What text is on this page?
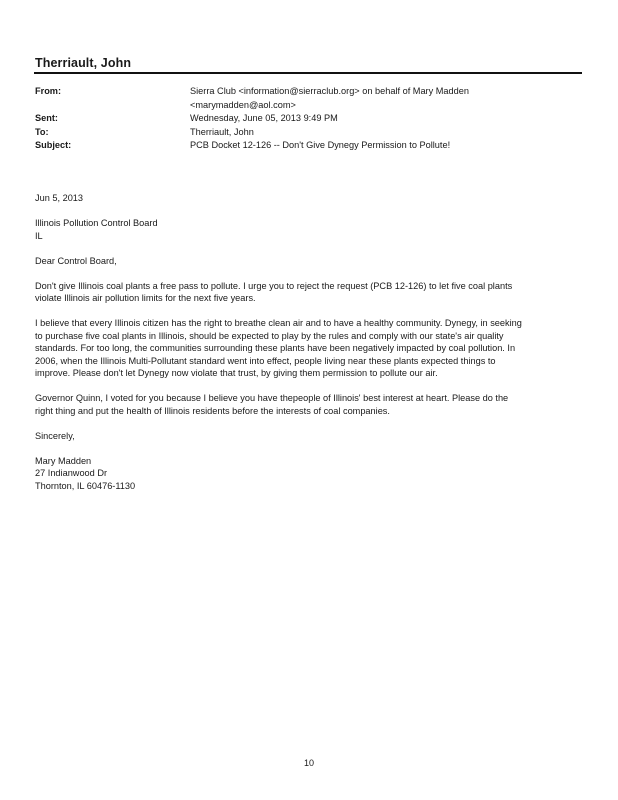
Therriault, John
From:	Sierra Club <information@sierraclub.org> on behalf of Mary Madden
<marymadden@aol.com>
Sent:	Wednesday, June 05, 2013 9:49 PM
To:	Therriault, John
Subject:	PCB Docket 12-126 -- Don't Give Dynegy Permission to Pollute!

Jun 5, 2013

Illinois Pollution Control Board
IL

Dear Control Board,

Don't give Illinois coal plants a free pass to pollute. I urge you to reject the request (PCB 12-126) to let five coal plants
violate Illinois air pollution limits for the next five years.

I believe that every Illinois citizen has the right to breathe clean air and to have a healthy community. Dynegy, in seeking
to purchase five coal plants in Illinois, should be expected to play by the rules and comply with our state's air quality
standards. For too long, the communities surrounding these plants have been negatively impacted by coal pollution. In
2006, when the Illinois Multi-Pollutant standard went into effect, people living near these plants expected things to
improve. Please don't let Dynegy now violate that trust, by giving them permission to pollute our air.

Governor Quinn, I voted for you because I believe you have thepeople of Illinois' best interest at heart. Please do the
right thing and put the health of Illinois residents before the interests of coal companies.

Sincerely,

Mary Madden
27 Indianwood Dr
Thornton, IL 60476-1130

10
